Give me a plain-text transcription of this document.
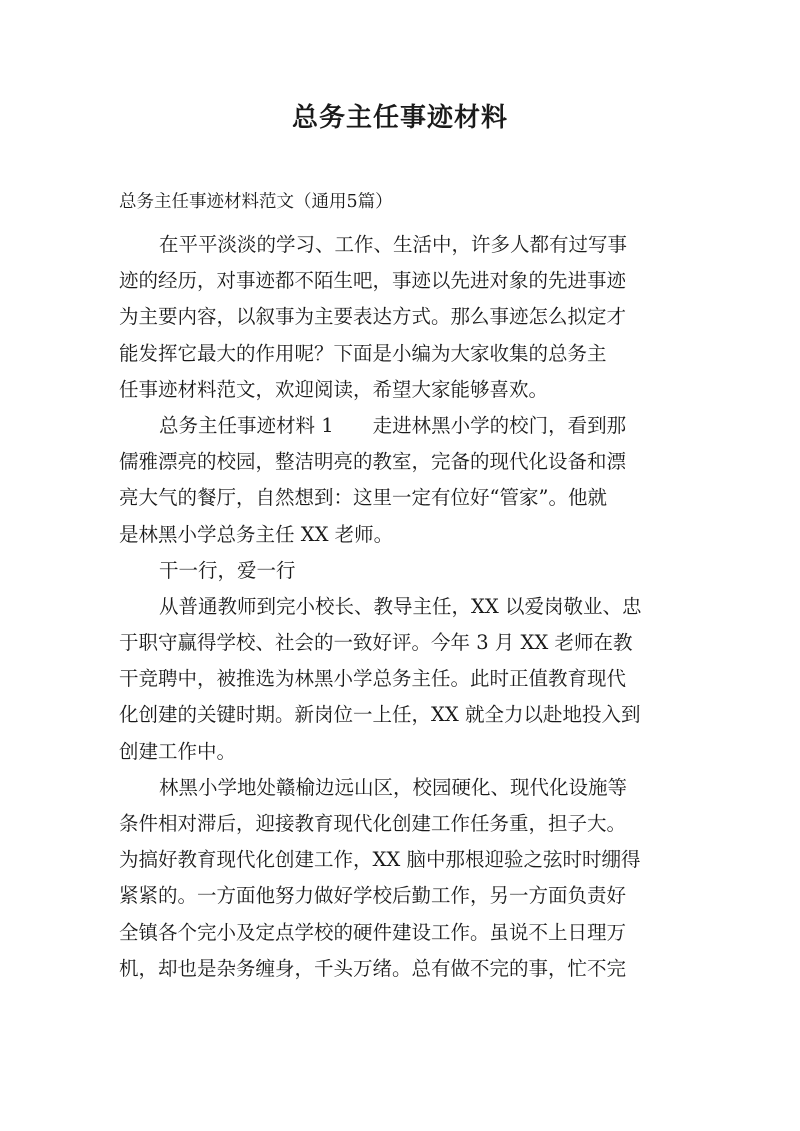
总务主任事迹材料

总务主任事迹材料范文（通用5篇）

在平平淡淡的学习、工作、生活中，许多人都有过写事

迹的经历，对事迹都不陌生吧，事迹以先进对象的先进事迹

为主要内容，以叙事为主要表达方式。那么事迹怎么拟定才

能发挥它最大的作用呢？下面是小编为大家收集的总务主

任事迹材料范文，欢迎阅读，希望大家能够喜欢。

总务主任事迹材料 1　　走进林黑小学的校门，看到那

儒雅漂亮的校园，整洁明亮的教室，完备的现代化设备和漂

亮大气的餐厅，自然想到：这里一定有位好“管家”。他就

是林黑小学总务主任 XX 老师。

干一行，爱一行

从普通教师到完小校长、教导主任，XX 以爱岗敬业、忠

于职守赢得学校、社会的一致好评。今年 3 月 XX 老师在教

干竞聘中，被推选为林黑小学总务主任。此时正值教育现代

化创建的关键时期。新岗位一上任，XX 就全力以赴地投入到

创建工作中。

林黑小学地处赣榆边远山区，校园硬化、现代化设施等

条件相对滞后，迎接教育现代化创建工作任务重，担子大。

为搞好教育现代化创建工作，XX 脑中那根迎验之弦时时绷得

紧紧的。一方面他努力做好学校后勤工作，另一方面负责好

全镇各个完小及定点学校的硬件建设工作。虽说不上日理万

机，却也是杂务缠身，千头万绪。总有做不完的事，忙不完
